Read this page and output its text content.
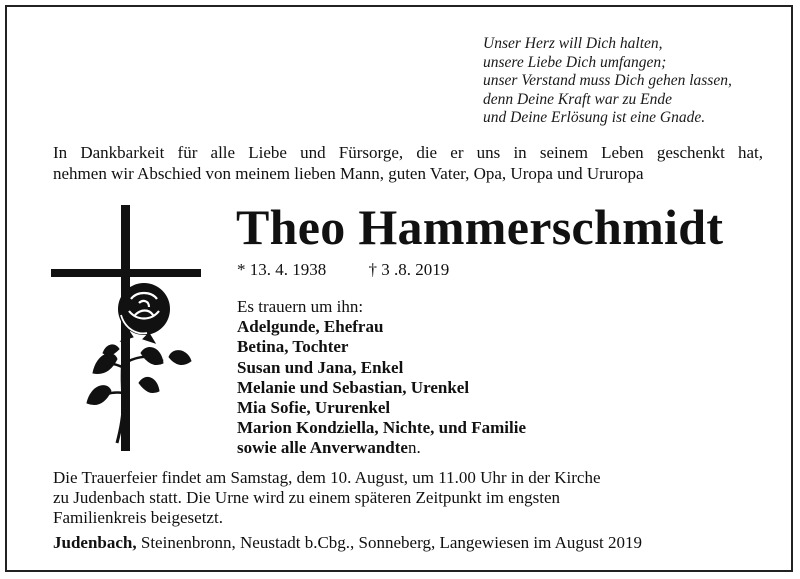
Unser Herz will Dich halten,
unsere Liebe Dich umfangen;
unser Verstand muss Dich gehen lassen,
denn Deine Kraft war zu Ende
und Deine Erlösung ist eine Gnade.
In Dankbarkeit für alle Liebe und Fürsorge, die er uns in seinem Leben geschenkt hat,
nehmen wir Abschied von meinem lieben Mann, guten Vater, Opa, Uropa und Ururopa
Theo Hammerschmidt
* 13. 4. 1938 † 3 .8. 2019
Es trauern um ihn:
Adelgunde, Ehefrau
Betina, Tochter
Susan und Jana, Enkel
Melanie und Sebastian, Urenkel
Mia Sofie, Ururenkel
Marion Kondziella, Nichte, und Familie
sowie alle Anverwandten.
Die Trauerfeier findet am Samstag, dem 10. August, um 11.00 Uhr in der Kirche
zu Judenbach statt. Die Urne wird zu einem späteren Zeitpunkt im engsten
Familienkreis beigesetzt.
Judenbach, Steinenbronn, Neustadt b.Cbg., Sonneberg, Langewiesen im August 2019
